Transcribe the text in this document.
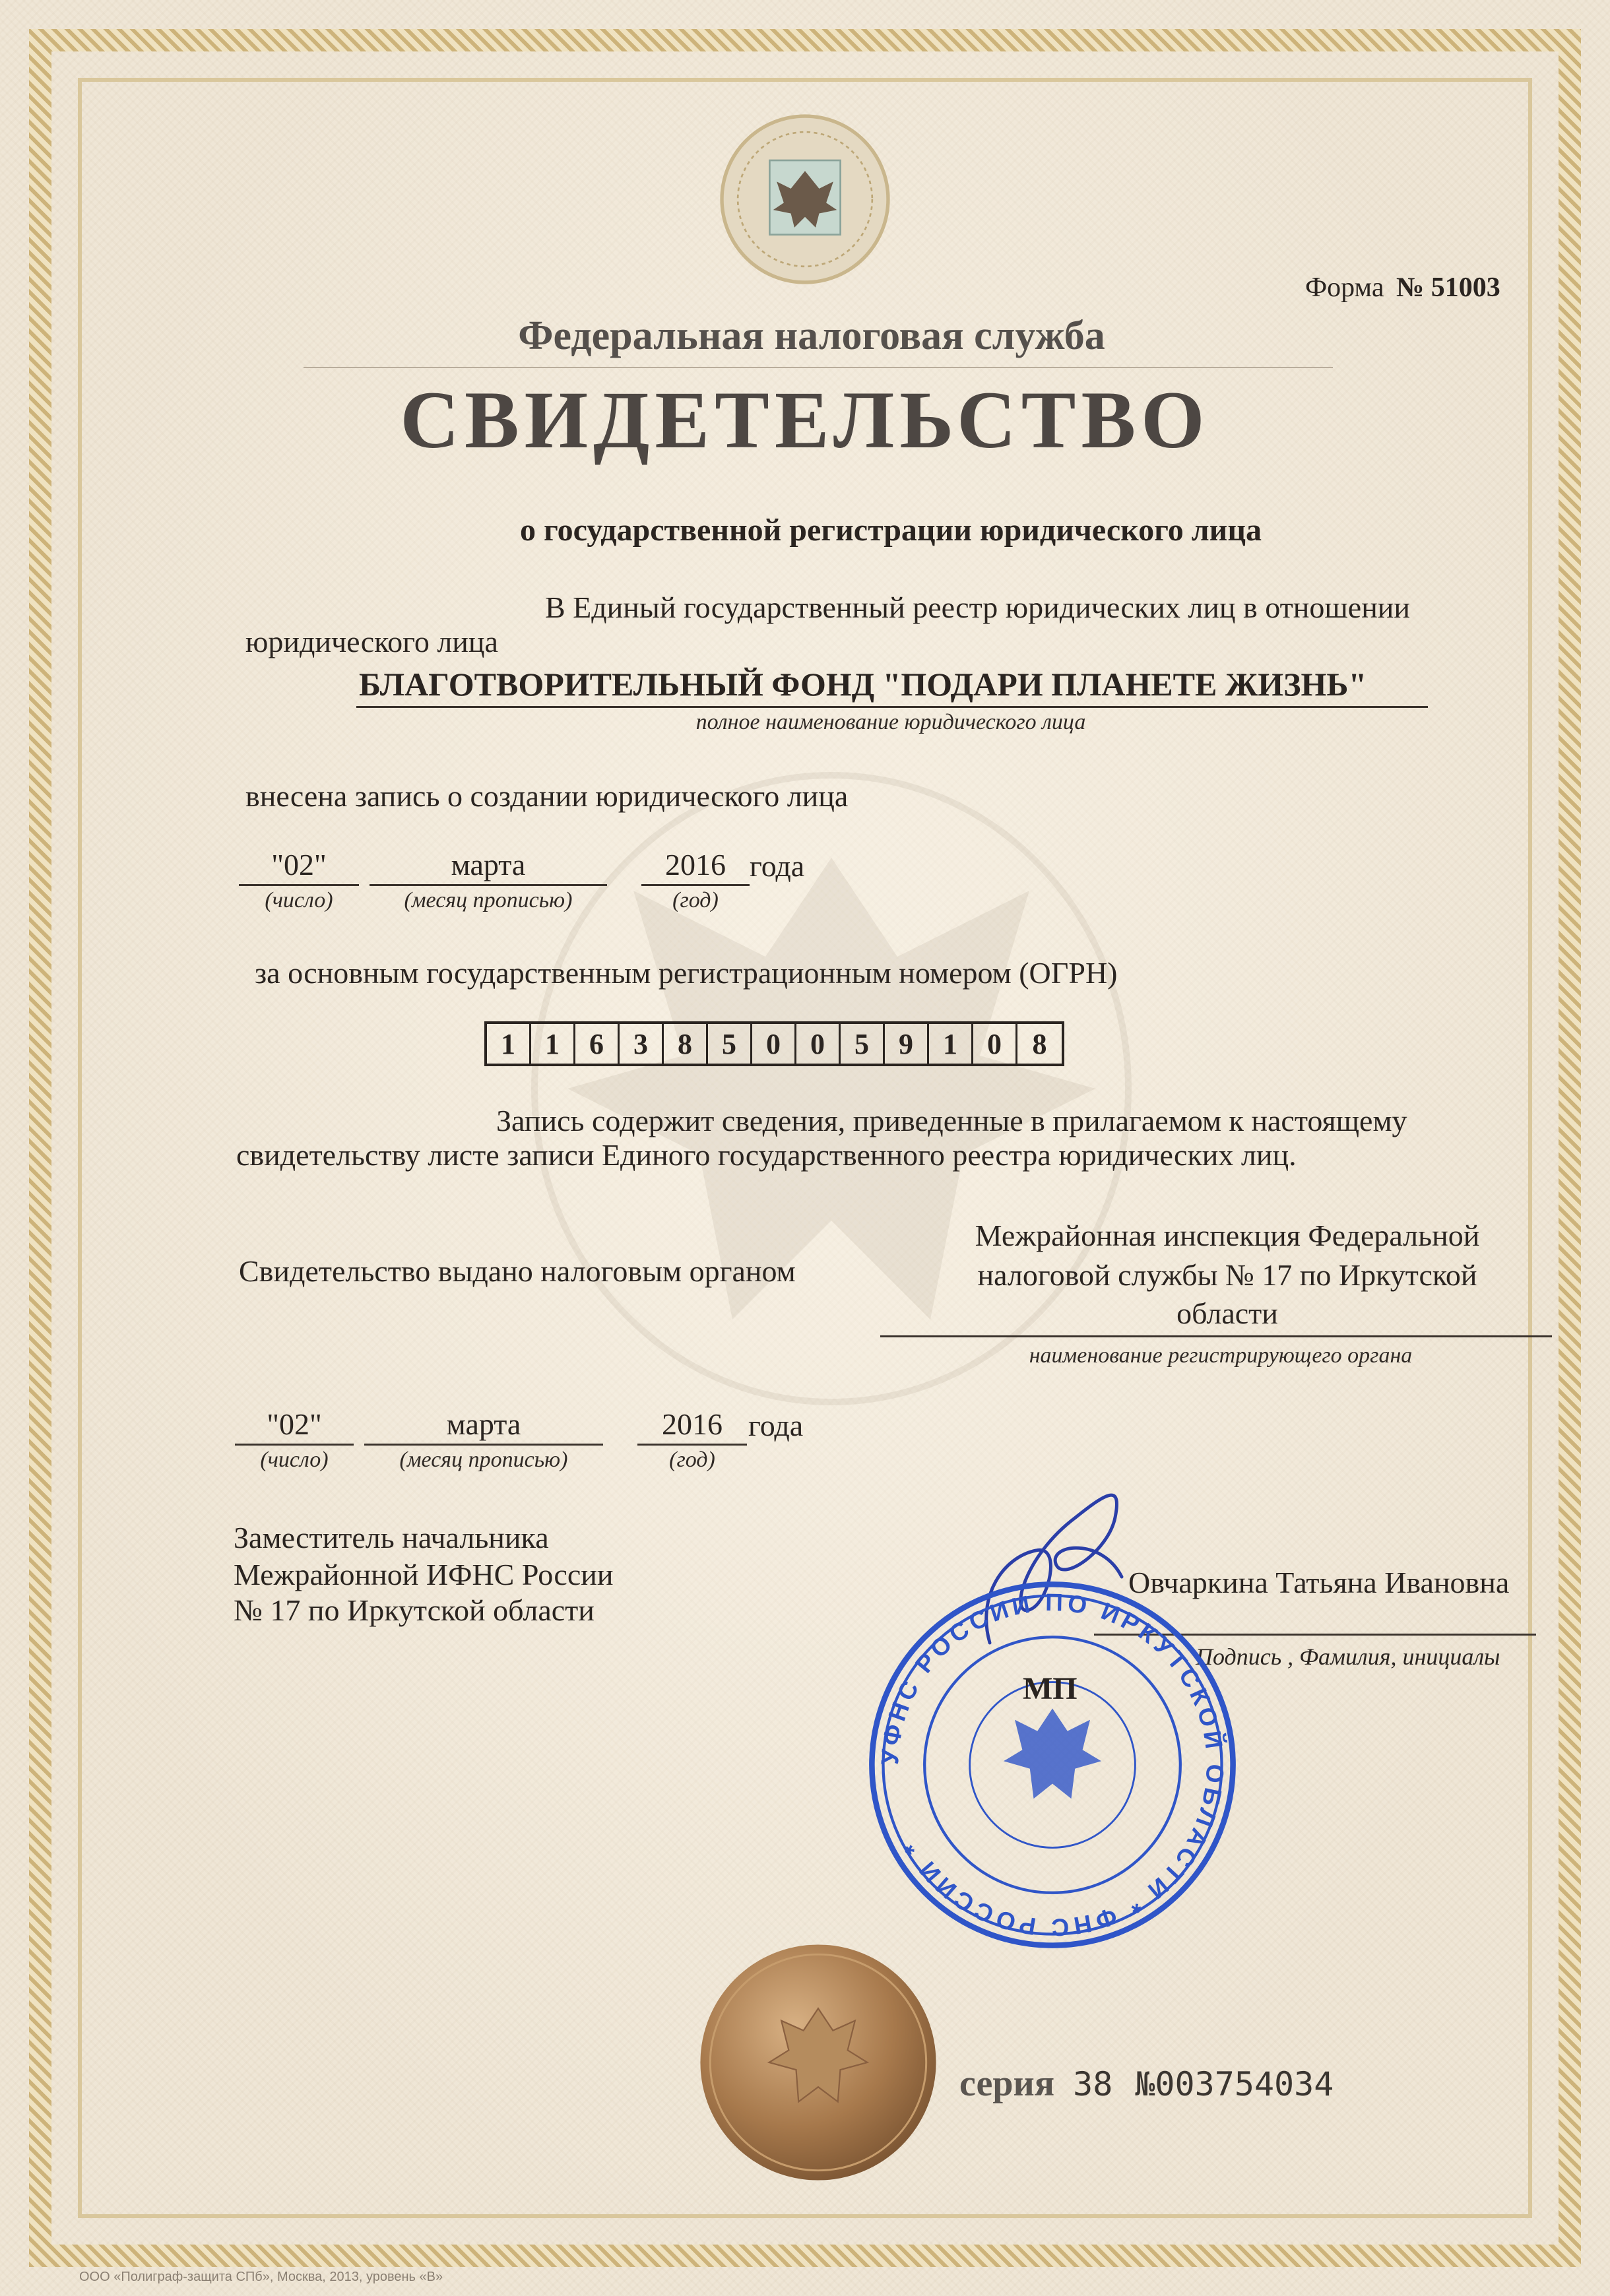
Форма № 51003
Федеральная налоговая служба
СВИДЕТЕЛЬСТВО
о государственной регистрации юридического лица
В Единый государственный реестр юридических лиц в отношении
юридического лица
БЛАГОТВОРИТЕЛЬНЫЙ ФОНД "ПОДАРИ ПЛАНЕТЕ ЖИЗНЬ"
полное наименование юридического лица
внесена запись о создании юридического лица
"02"
(число)
марта
(месяц прописью)
2016
(год)
года
за основным государственным регистрационным номером (ОГРН)
1	1	6	3	8	5	0	0	5	9	1	0	8
Запись содержит сведения, приведенные в прилагаемом к настоящему
свидетельству листе записи Единого государственного реестра юридических лиц.
Свидетельство выдано налоговым органом
Межрайонная инспекция Федеральной
налоговой службы № 17 по Иркутской
области
наименование регистрирующего органа
"02"
(число)
марта
(месяц прописью)
2016
(год)
года
Заместитель начальника
Межрайонной ИФНС России
№ 17 по Иркутской области
Овчаркина Татьяна Ивановна
Подпись , Фамилия, инициалы
УФНС РОССИИ ПО ИРКУТСКОЙ ОБЛАСТИ * ФНС РОССИИ *
МП
серия 38 №003754034
ООО «Полиграф-защита СПб», Москва, 2013, уровень «В»
